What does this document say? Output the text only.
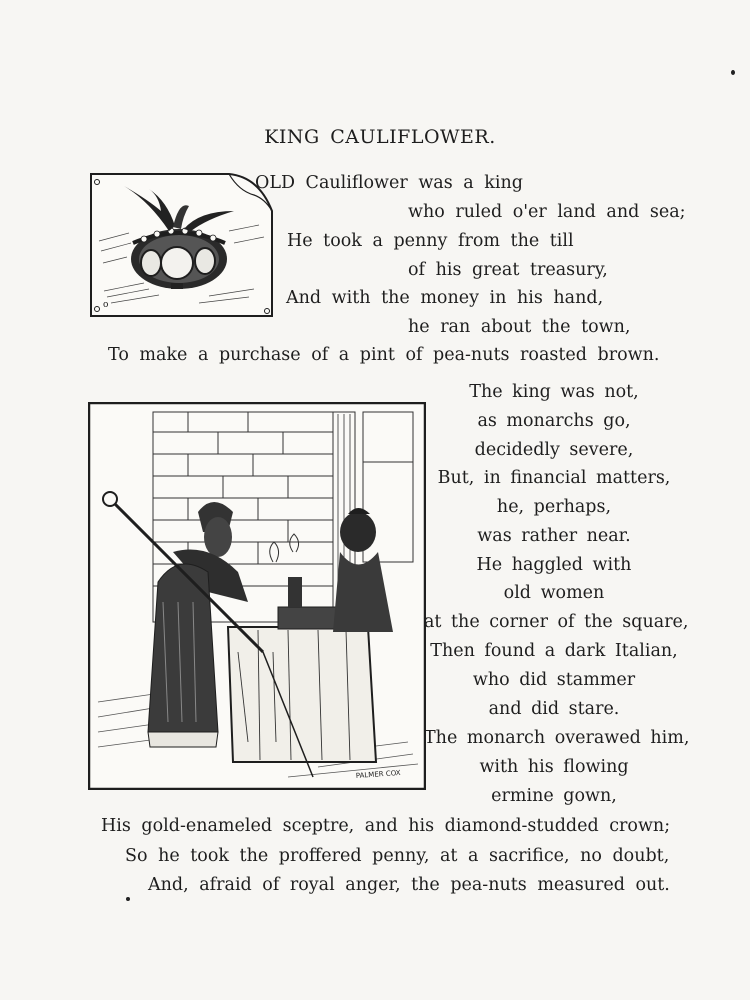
KING CAULIFLOWER.
o
OLD Cauliflower was a king
who ruled o'er land and sea;
He took a penny from the till
of his great treasury,
And with the money in his hand,
he ran about the town,
To make a purchase of a pint of pea-nuts roasted brown.
PALMER COX
The king was not,
as monarchs go,
decidedly severe,
But, in financial matters,
he, perhaps,
was rather near.
He haggled with
old women
at the corner of the square,
Then found a dark Italian,
who did stammer
and did stare.
The monarch overawed him,
with his flowing
ermine gown,
His gold-enameled sceptre, and his diamond-studded crown;
So he took the proffered penny, at a sacrifice, no doubt,
And, afraid of royal anger, the pea-nuts measured out.
